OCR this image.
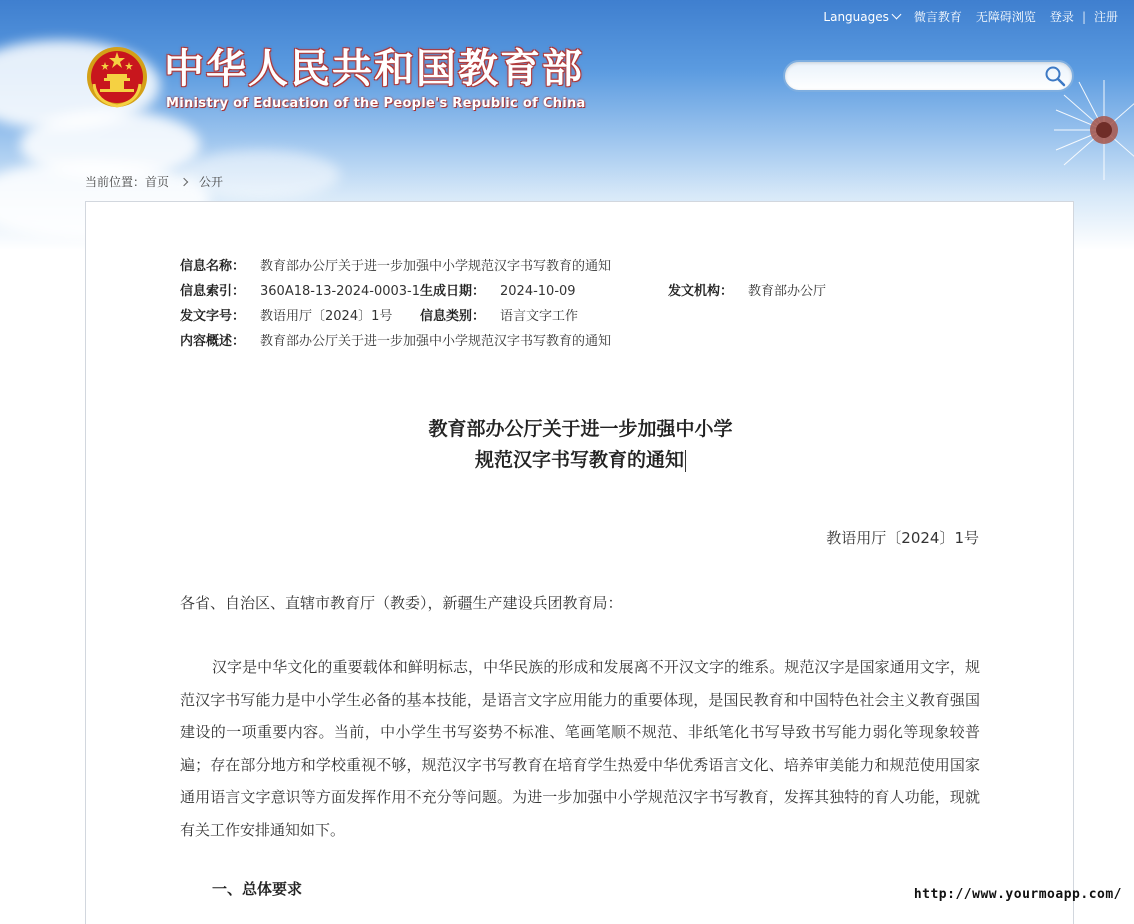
Languages 微言教育 无障碍浏览 登录 | 注册
中华人民共和国教育部
Ministry of Education of the People's Republic of China
当前位置：首页	公开
信息名称： 教育部办公厅关于进一步加强中小学规范汉字书写教育的通知
信息索引： 360A18-13-2024-0003-1 生成日期：	2024-10-09	发文机构：	教育部办公厅
发文字号： 教语用厅〔2024〕1号 信息类别：	语言文字工作
内容概述： 教育部办公厅关于进一步加强中小学规范汉字书写教育的通知
教育部办公厅关于进一步加强中小学
规范汉字书写教育的通知
教语用厅〔2024〕1号
各省、自治区、直辖市教育厅（教委），新疆生产建设兵团教育局：
汉字是中华文化的重要载体和鲜明标志，中华民族的形成和发展离不开汉文字的维系。规范汉字是国家通用文字，规范汉字书写能力是中小学生必备的基本技能，是语言文字应用能力的重要体现，是国民教育和中国特色社会主义教育强国建设的一项重要内容。当前，中小学生书写姿势不标准、笔画笔顺不规范、非纸笔化书写导致书写能力弱化等现象较普遍；存在部分地方和学校重视不够，规范汉字书写教育在培育学生热爱中华优秀语言文化、培养审美能力和规范使用国家通用语言文字意识等方面发挥作用不充分等问题。为进一步加强中小学规范汉字书写教育，发挥其独特的育人功能，现就有关工作安排通知如下。
一、总体要求	http://www.yourmoapp.com/
